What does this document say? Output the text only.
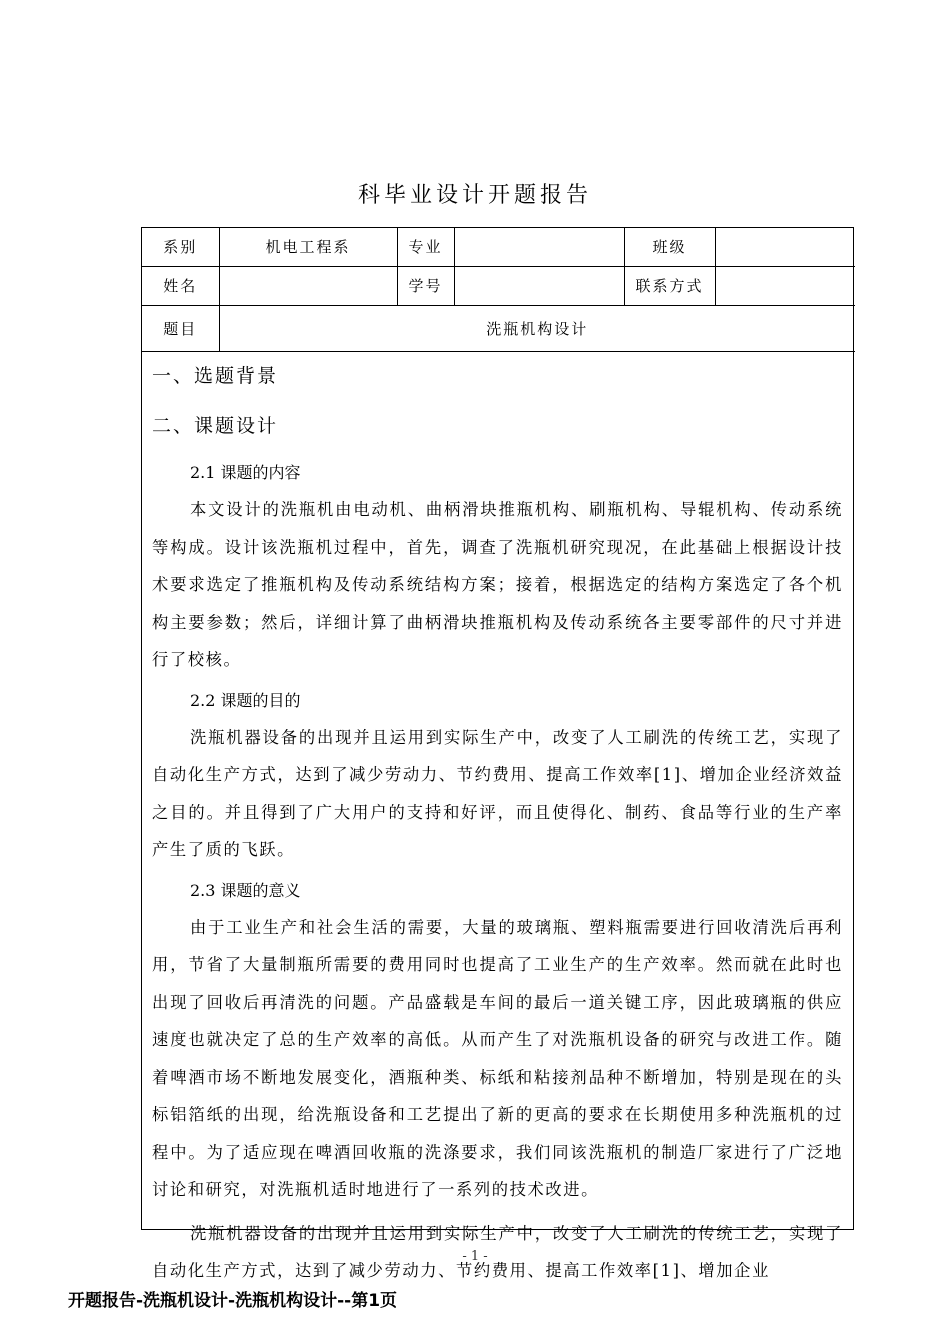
科毕业设计开题报告
系别	机电工程系	专业		班级	
姓名		学号		联系方式	
题目	洗瓶机构设计				
一、选题背景
二、课题设计
2.1 课题的内容

本文设计的洗瓶机由电动机、曲柄滑块推瓶机构、刷瓶机构、导辊机构、传动系统等构成。设计该洗瓶机过程中，首先，调查了洗瓶机研究现况，在此基础上根据设计技术要求选定了推瓶机构及传动系统结构方案；接着，根据选定的结构方案选定了各个机构主要参数；然后，详细计算了曲柄滑块推瓶机构及传动系统各主要零部件的尺寸并进行了校核。

2.2 课题的目的

洗瓶机器设备的出现并且运用到实际生产中，改变了人工刷洗的传统工艺，实现了自动化生产方式，达到了减少劳动力、节约费用、提高工作效率[1]、增加企业经济效益之目的。并且得到了广大用户的支持和好评，而且使得化、制药、食品等行业的生产率产生了质的飞跃。

2.3 课题的意义

由于工业生产和社会生活的需要，大量的玻璃瓶、塑料瓶需要进行回收清洗后再利用，节省了大量制瓶所需要的费用同时也提高了工业生产的生产效率。然而就在此时也出现了回收后再清洗的问题。产品盛载是车间的最后一道关键工序，因此玻璃瓶的供应速度也就决定了总的生产效率的高低。从而产生了对洗瓶机设备的研究与改进工作。随着啤酒市场不断地发展变化，酒瓶种类、标纸和粘接剂品种不断增加，特别是现在的头标铝箔纸的出现，给洗瓶设备和工艺提出了新的更高的要求在长期使用多种洗瓶机的过程中。为了适应现在啤酒回收瓶的洗涤要求，我们同该洗瓶机的制造厂家进行了广泛地讨论和研究，对洗瓶机适时地进行了一系列的技术改进。

洗瓶机器设备的出现并且运用到实际生产中，改变了人工刷洗的传统工艺，实现了自动化生产方式，达到了减少劳动力、节约费用、提高工作效率[1]、增加企业

- 1 -
开题报告-洗瓶机设计-洗瓶机构设计--第1页
